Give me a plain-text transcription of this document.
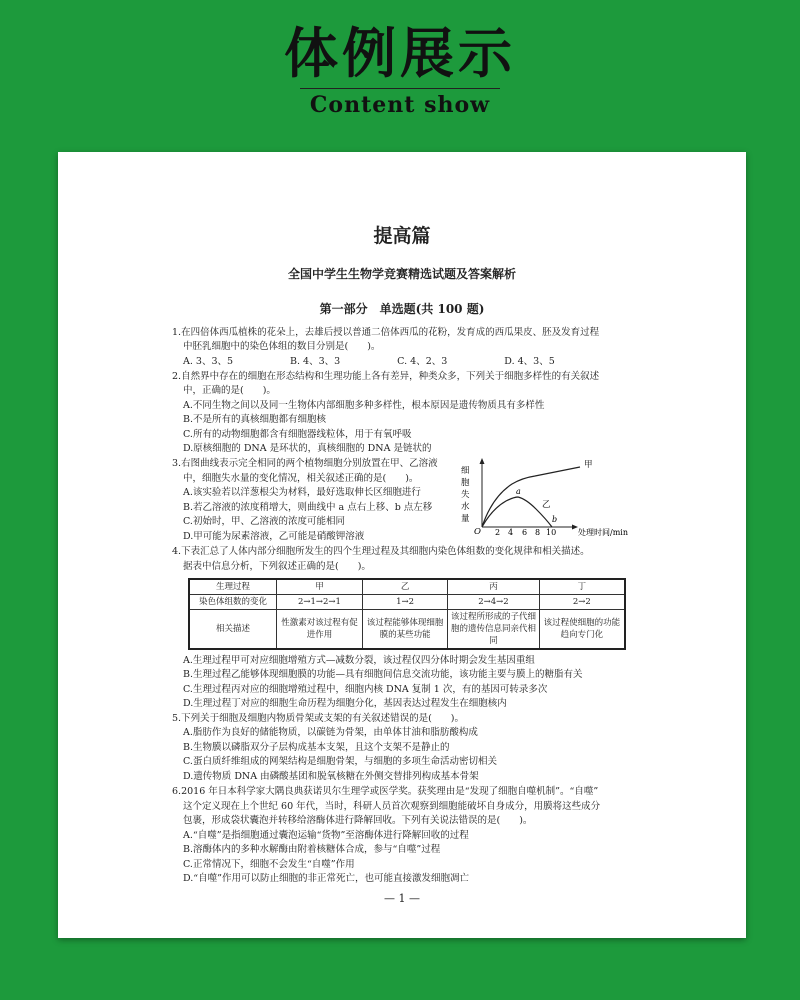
体例展示
Content show
提高篇
全国中学生生物学竞赛精选试题及答案解析
第一部分　单选题(共 100 题)
1.在四倍体西瓜植株的花朵上，去雄后授以普通二倍体西瓜的花粉，发育成的西瓜果皮、胚及发育过程
中胚乳细胞中的染色体组的数目分别是(　　)。
A. 3、3、5　　　　　　B. 4、3、3　　　　　　C. 4、2、3　　　　　　D. 4、3、5
2.自然界中存在的细胞在形态结构和生理功能上各有差异，种类众多，下列关于细胞多样性的有关叙述
中，正确的是(　　)。
A.不同生物之间以及同一生物体内部细胞多种多样性，根本原因是遗传物质具有多样性
B.不是所有的真核细胞都有细胞核
C.所有的动物细胞都含有细胞器线粒体，用于有氧呼吸
D.原核细胞的 DNA 是环状的，真核细胞的 DNA 是链状的
3.右图曲线表示完全相同的两个植物细胞分别放置在甲、乙溶液
中，细胞失水量的变化情况，相关叙述正确的是(　　)。
A.该实验若以洋葱根尖为材料，最好选取伸长区细胞进行
B.若乙溶液的浓度稍增大，则曲线中 a 点右上移、b 点左移
C.初始时，甲、乙溶液的浓度可能相同
D.甲可能为尿素溶液，乙可能是硝酸钾溶液
细
胞
失
水
量
O 2 4 6 8 10	处理时间/min
甲
乙
a
b
4.下表汇总了人体内部分细胞所发生的四个生理过程及其细胞内染色体组数的变化规律和相关描述。
据表中信息分析，下列叙述正确的是(　　)。
生理过程	甲	乙	丙	丁
染色体组数的变化	2→1→2→1	1→2	2→4→2	2→2
相关描述	性激素对该过程有促进作用	该过程能够体现细胞膜的某些功能	该过程所形成的子代细胞的遗传信息同亲代相同	该过程使细胞的功能趋向专门化
A.生理过程甲可对应细胞增殖方式—减数分裂，该过程仅四分体时期会发生基因重组
B.生理过程乙能够体现细胞膜的功能—具有细胞间信息交流功能，该功能主要与膜上的糖脂有关
C.生理过程丙对应的细胞增殖过程中，细胞内核 DNA 复制 1 次，有的基因可转录多次
D.生理过程丁对应的细胞生命历程为细胞分化，基因表达过程发生在细胞核内
5.下列关于细胞及细胞内物质骨架或支架的有关叙述错误的是(　　)。
A.脂肪作为良好的储能物质，以碳链为骨架，由单体甘油和脂肪酸构成
B.生物膜以磷脂双分子层构成基本支架，且这个支架不是静止的
C.蛋白质纤维组成的网架结构是细胞骨架，与细胞的多项生命活动密切相关
D.遗传物质 DNA 由磷酸基团和脱氧核糖在外侧交替排列构成基本骨架
6.2016 年日本科学家大隅良典获诺贝尔生理学或医学奖。获奖理由是“发现了细胞自噬机制”。“自噬”
这个定义现在上个世纪 60 年代，当时，科研人员首次观察到细胞能破坏自身成分，用膜将这些成分
包裹，形成袋状囊泡并转移给溶酶体进行降解回收。下列有关说法错误的是(　　)。
A.“自噬”是指细胞通过囊泡运输“货物”至溶酶体进行降解回收的过程
B.溶酶体内的多种水解酶由附着核糖体合成，参与“自噬”过程
C.正常情况下，细胞不会发生“自噬”作用
D.“自噬”作用可以防止细胞的非正常死亡，也可能直接激发细胞凋亡
— 1 —
